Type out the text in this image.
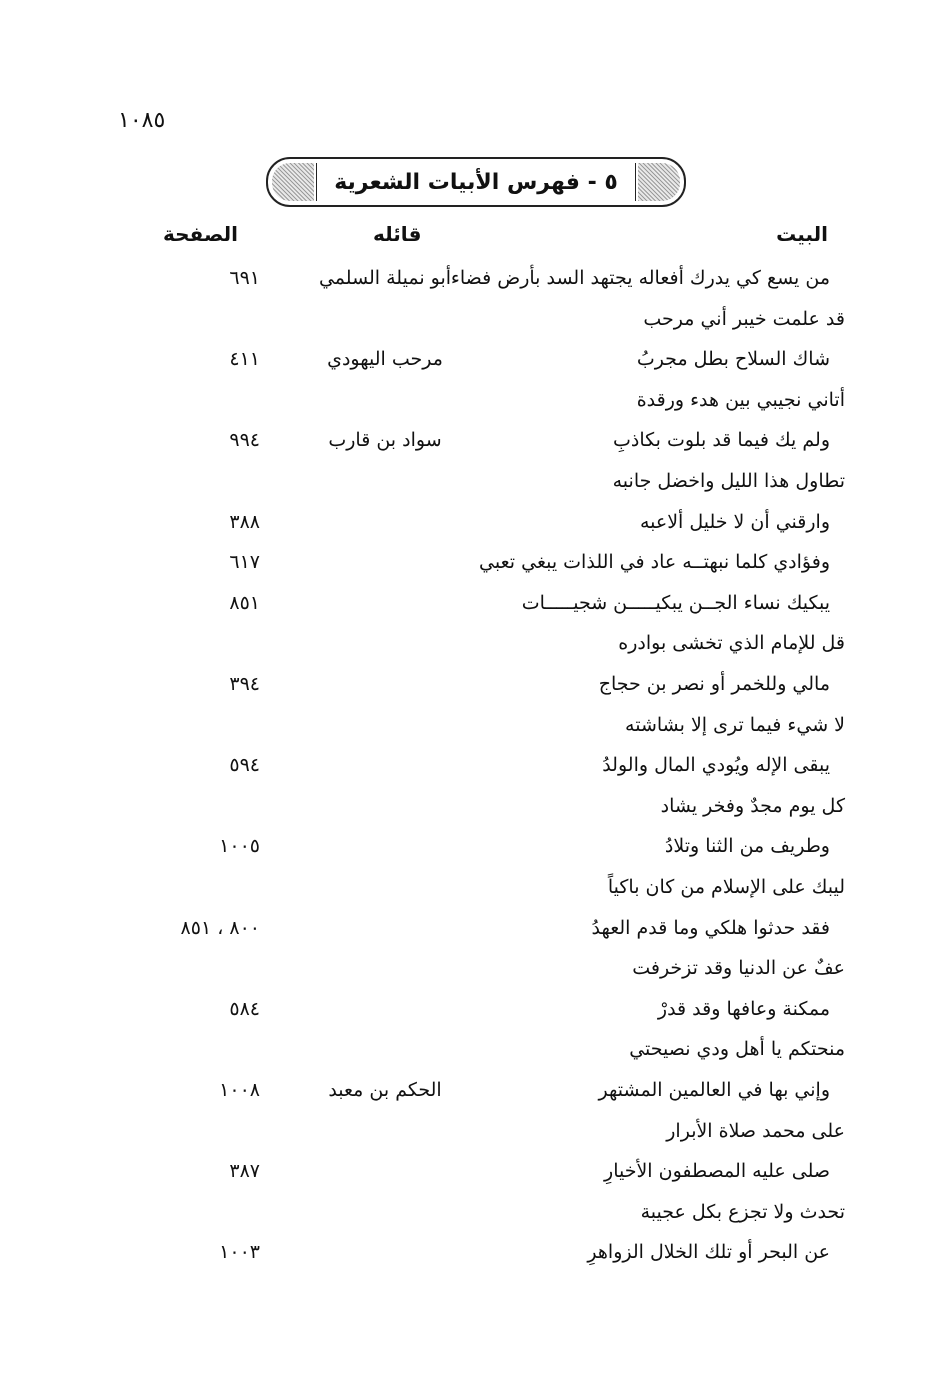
١٠٨٥
٥ - فهرس الأبيات الشعرية
البيت
قائله
الصفحة
من يسع كي يدرك أفعاله يجتهد السد بأرض فضاء
أبو نميلة السلمي
٦٩١
قد علمت خيبر أني مرحب
شاك السلاح بطل مجربُ
مرحب اليهودي
٤١١
أتاني نجيبي بين هدء ورقدة
ولم يك فيما قد بلوت بكاذبِ
سواد بن قارب
٩٩٤
تطاول هذا الليل واخضل جانبه
وارقني أن لا خليل ألاعبه
٣٨٨
وفؤادي كلما نبهتــه عاد في اللذات يبغي تعبي
٦١٧
يبكيك نساء الجــن يبكيـــــن شجيـــــات
٨٥١
قل للإمام الذي تخشى بوادره
مالي وللخمر أو نصر بن حجاج
٣٩٤
لا شيء فيما ترى إلا بشاشته
يبقى الإله ويُودي المال والولدُ
٥٩٤
كل يوم مجدٌ وفخر يشاد
وطريف من الثنا وتلادُ
١٠٠٥
ليبك على الإسلام من كان باكياً
فقد حدثوا هلكي وما قدم العهدُ
٨٠٠ ، ٨٥١
عفٌ عن الدنيا وقد تزخرفت
ممكنة وعافها وقد قدرْ
٥٨٤
منحتكم يا أهل ودي نصيحتي
وإني بها في العالمين المشتهر
الحكم بن معبد
١٠٠٨
على محمد صلاة الأبرار
صلى عليه المصطفون الأخيارِ
٣٨٧
تحدث ولا تجزع بكل عجيبة
عن البحر أو تلك الخلال الزواهرِ
١٠٠٣
